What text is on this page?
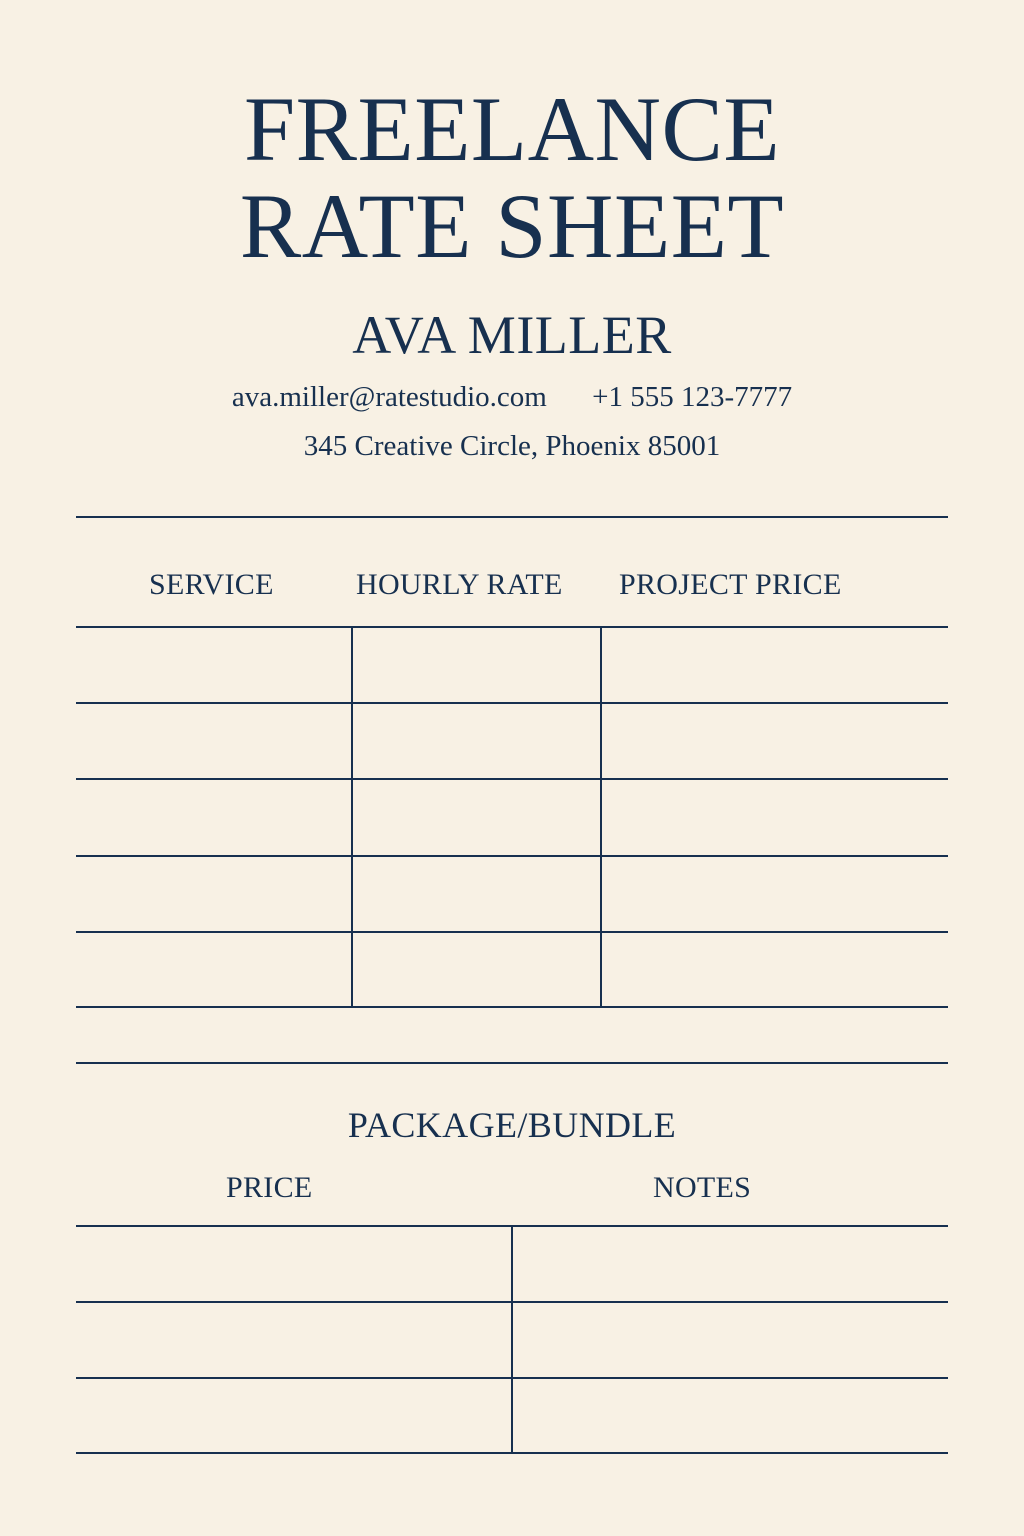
FREELANCE
RATE SHEET
AVA MILLER
ava.miller@ratestudio.com +1 555 123-7777
345 Creative Circle, Phoenix 85001
SERVICE	HOURLY RATE PROJECT PRICE
PACKAGE/BUNDLE
PRICE	NOTES
